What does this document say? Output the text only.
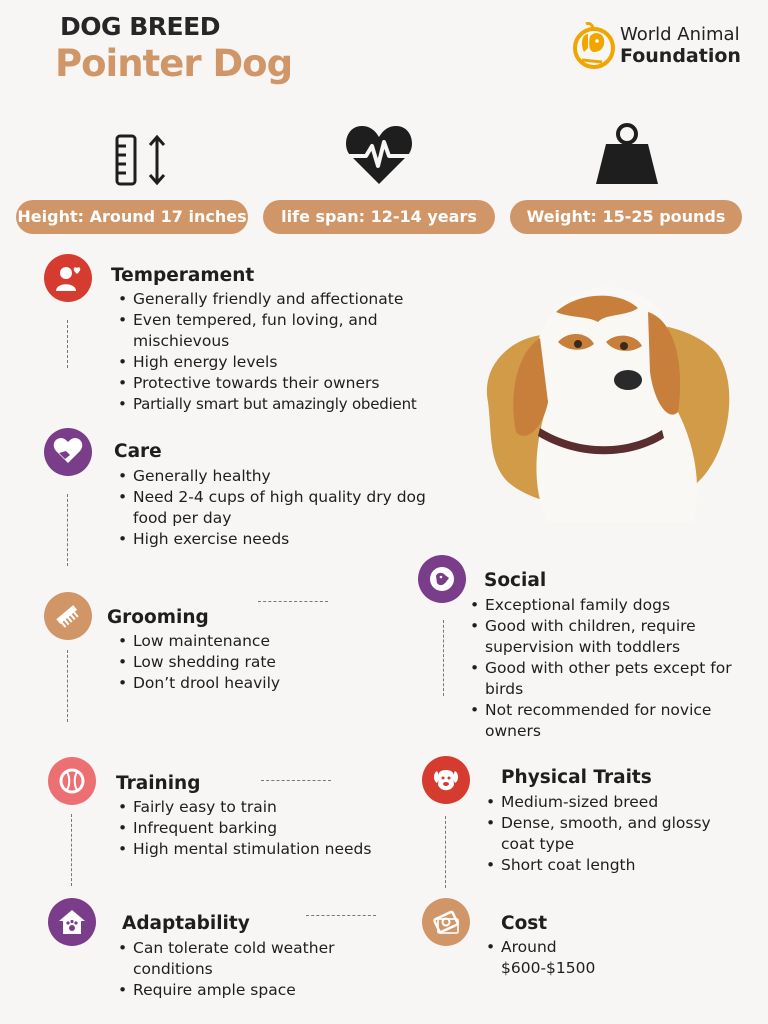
DOG BREED
Pointer Dog
World Animal
Foundation
Height: Around 17 inches	life span: 12-14 years	Weight: 15-25 pounds
Temperament
• Generally friendly and affectionate
• Even tempered, fun loving, and mischievous
• High energy levels
• Protective towards their owners
• Partially smart but amazingly obedient
Care
• Generally healthy
• Need 2-4 cups of high quality dry dog food per day
• High exercise needs
Grooming
• Low maintenance
• Low shedding rate
• Don’t drool heavily
Training
• Fairly easy to train
• Infrequent barking
• High mental stimulation needs
Adaptability
• Can tolerate cold weather conditions
• Require ample space
Social
• Exceptional family dogs
• Good with children, require supervision with toddlers
• Good with other pets except for birds
• Not recommended for novice owners
Physical Traits
• Medium-sized breed
• Dense, smooth, and glossy coat type
• Short coat length
Cost
• Around $600-$1500
